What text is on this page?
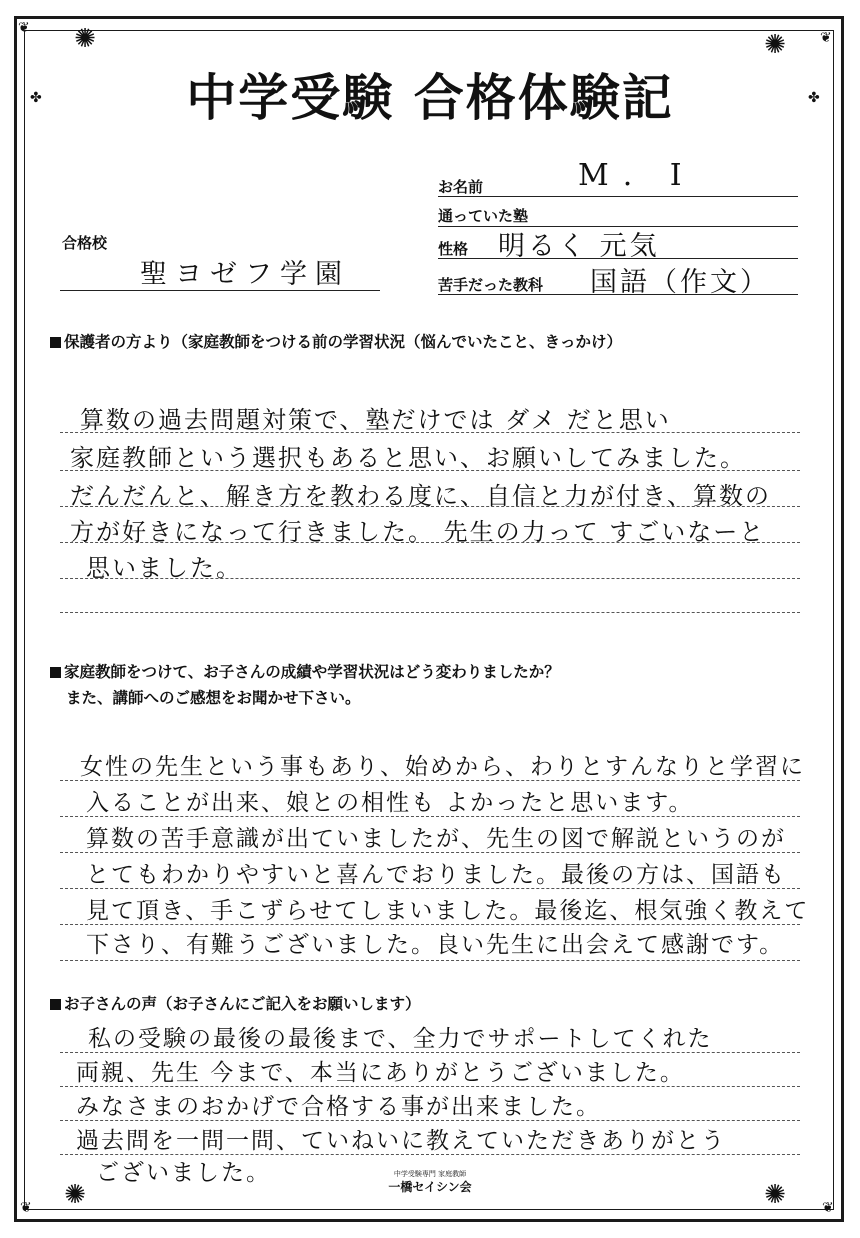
✺	✺
✺	✺
❦
❦
❦	❦
✤	✤
中学受験 合格体験記
お名前	M. I
通っていた塾
性格 明るく 元気
苦手だった教科 国語（作文）
合格校
聖ヨゼフ学園
保護者の方より（家庭教師をつける前の学習状況（悩んでいたこと、きっかけ）
算数の過去問題対策で、塾だけでは ダメ だと思い
家庭教師という選択もあると思い、お願いしてみました。
だんだんと、解き方を教わる度に、自信と力が付き、算数の
方が好きになって行きました。 先生の力って すごいなーと
思いました。
家庭教師をつけて、お子さんの成績や学習状況はどう変わりましたか？
また、講師へのご感想をお聞かせ下さい。
女性の先生という事もあり、始めから、わりとすんなりと学習に
入ることが出来、娘との相性も よかったと思います。
算数の苦手意識が出ていましたが、先生の図で解説というのが
とてもわかりやすいと喜んでおりました。最後の方は、国語も
見て頂き、手こずらせてしまいました。最後迄、根気強く教えて
下さり、有難うございました。良い先生に出会えて感謝です。
お子さんの声（お子さんにご記入をお願いします）
私の受験の最後の最後まで、全力でサポートしてくれた
両親、先生 今まで、本当にありがとうございました。
みなさまのおかげで合格する事が出来ました。
過去問を一問一問、ていねいに教えていただきありがとう
ございました。	中学受験専門 家庭教師
一橋セイシン会
